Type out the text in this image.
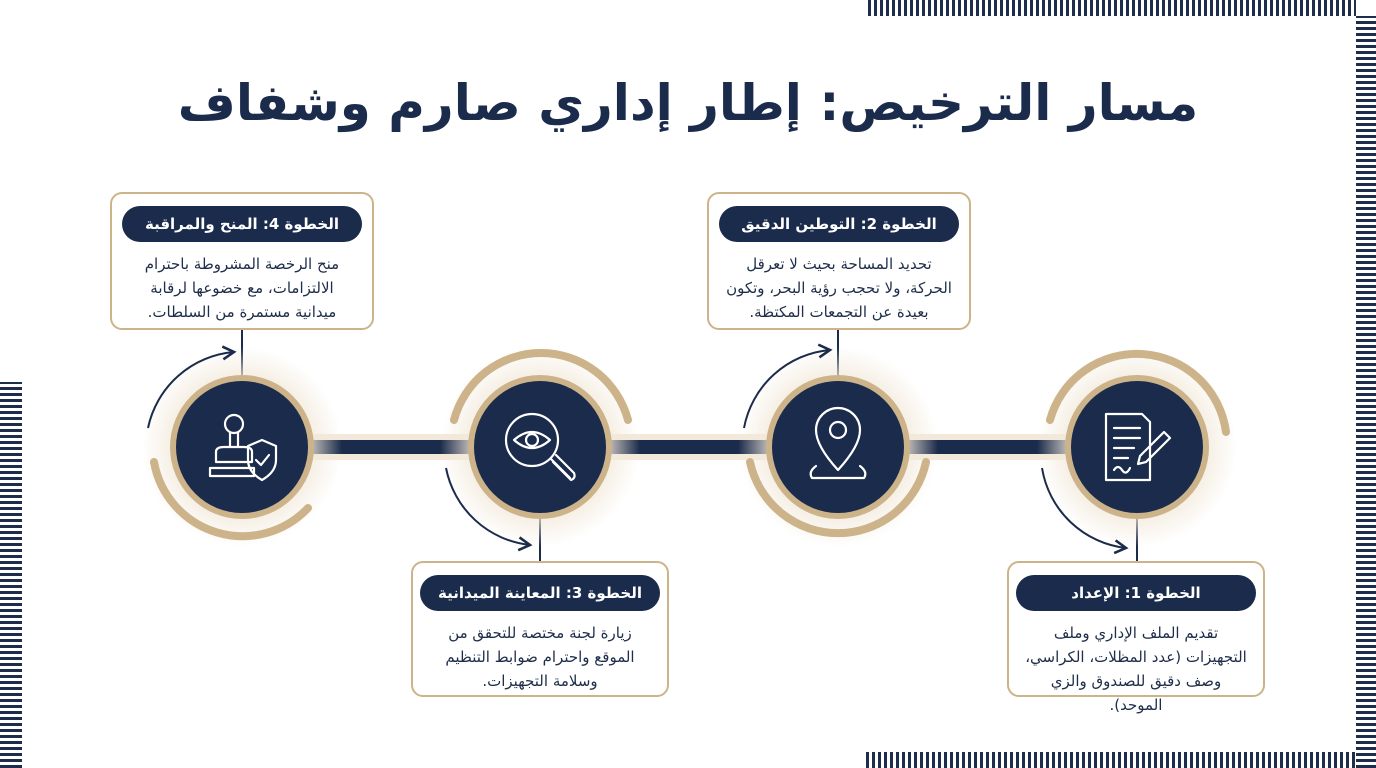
مسار الترخيص: إطار إداري صارم وشفاف
الخطوة 4: المنح والمراقبة
منح الرخصة المشروطة باحترام
الالتزامات، مع خضوعها لرقابة
ميدانية مستمرة من السلطات.
الخطوة 2: التوطين الدقيق
تحديد المساحة بحيث لا تعرقل
الحركة، ولا تحجب رؤية البحر، وتكون
بعيدة عن التجمعات المكتظة.
الخطوة 3: المعاينة الميدانية
زيارة لجنة مختصة للتحقق من
الموقع واحترام ضوابط التنظيم
وسلامة التجهيزات.
الخطوة 1: الإعداد
تقديم الملف الإداري وملف
التجهيزات (عدد المظلات، الكراسي،
وصف دقيق للصندوق والزي الموحد).
